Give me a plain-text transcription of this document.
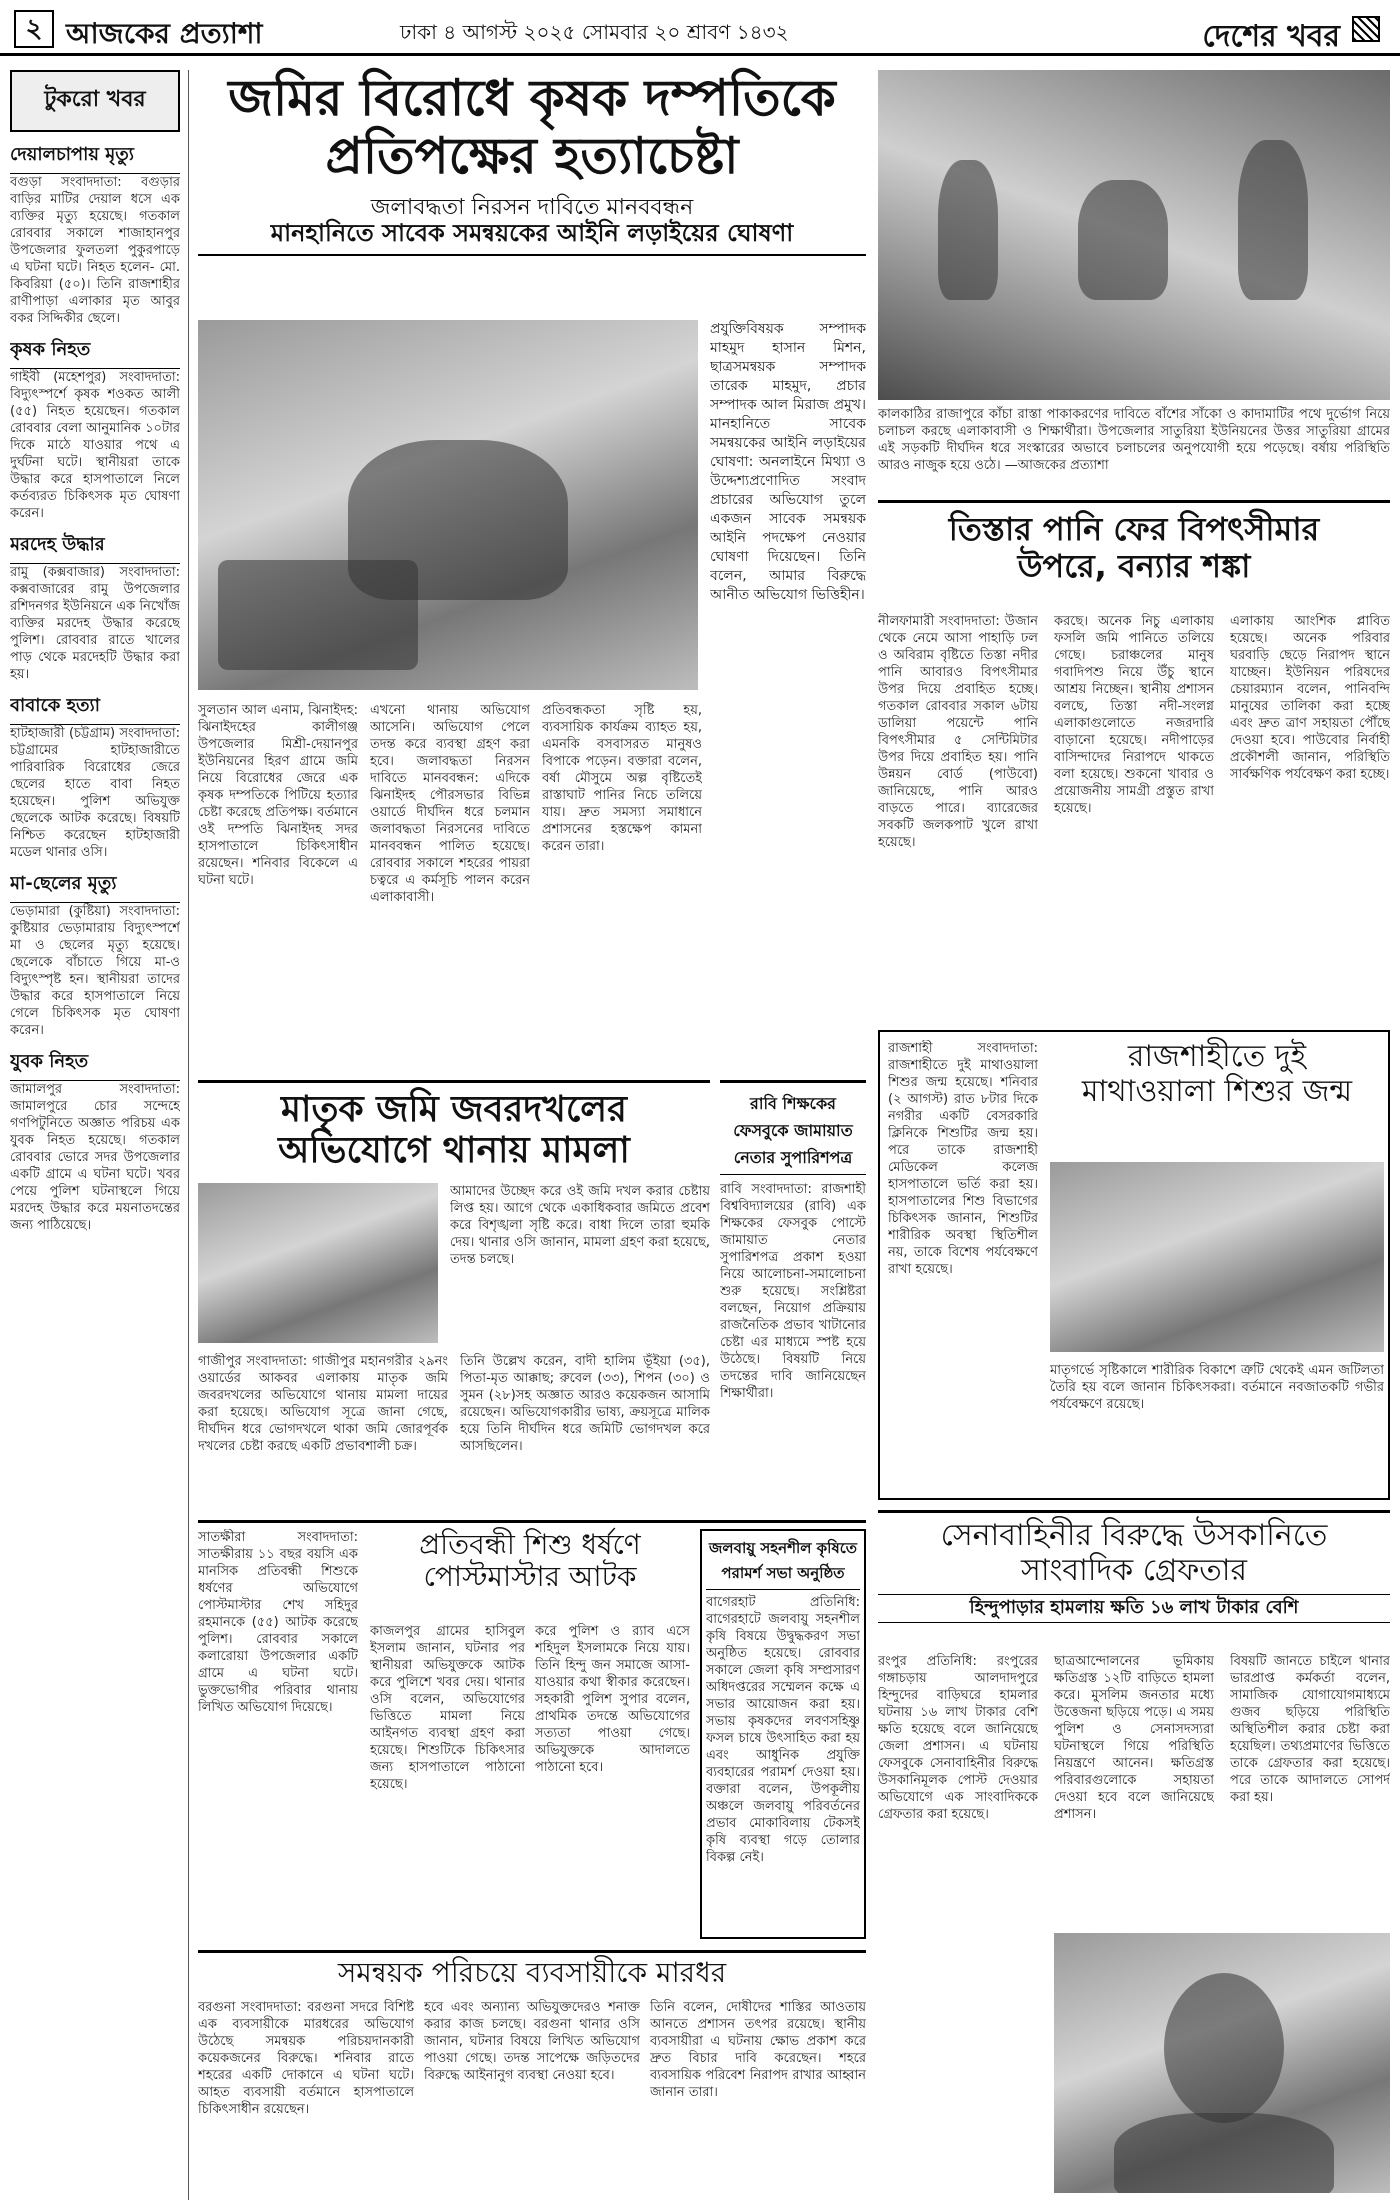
২ আজকের প্রত্যাশা	ঢাকা ৪ আগস্ট ২০২৫ সোমবার ২০ শ্রাবণ ১৪৩২	দেশের খবর
টুকরো খবর
দেয়ালচাপায় মৃত্যু
বগুড়া সংবাদদাতা: বগুড়ার বাড়ির মাটির দেয়াল ধসে এক ব্যক্তির মৃত্যু হয়েছে। গতকাল রোববার সকালে শাজাহানপুর উপজেলার ফুলতলা পুকুরপাড়ে এ ঘটনা ঘটে। নিহত হলেন- মো. কিবরিয়া (৫০)। তিনি রাজশাহীর রাণীপাড়া এলাকার মৃত আবুর বকর সিদ্দিকীর ছেলে।
কৃষক নিহত
গাইবী (মহেশপুর) সংবাদদাতা: বিদ্যুৎস্পর্শে কৃষক শওকত আলী (৫৫) নিহত হয়েছেন। গতকাল রোববার বেলা আনুমানিক ১০টার দিকে মাঠে যাওয়ার পথে এ দুর্ঘটনা ঘটে। স্থানীয়রা তাকে উদ্ধার করে হাসপাতালে নিলে কর্তব্যরত চিকিৎসক মৃত ঘোষণা করেন।
মরদেহ উদ্ধার
রামু (কক্সবাজার) সংবাদদাতা: কক্সবাজারের রামু উপজেলার রশিদনগর ইউনিয়নে এক নিখোঁজ ব্যক্তির মরদেহ উদ্ধার করেছে পুলিশ। রোববার রাতে খালের পাড় থেকে মরদেহটি উদ্ধার করা হয়।
বাবাকে হত্যা
হাটহাজারী (চট্টগ্রাম) সংবাদদাতা: চট্টগ্রামের হাটহাজারীতে পারিবারিক বিরোধের জেরে ছেলের হাতে বাবা নিহত হয়েছেন। পুলিশ অভিযুক্ত ছেলেকে আটক করেছে। বিষয়টি নিশ্চিত করেছেন হাটহাজারী মডেল থানার ওসি।
মা-ছেলের মৃত্যু
ভেড়ামারা (কুষ্টিয়া) সংবাদদাতা: কুষ্টিয়ার ভেড়ামারায় বিদ্যুৎস্পর্শে মা ও ছেলের মৃত্যু হয়েছে। ছেলেকে বাঁচাতে গিয়ে মা-ও বিদ্যুৎস্পৃষ্ট হন। স্থানীয়রা তাদের উদ্ধার করে হাসপাতালে নিয়ে গেলে চিকিৎসক মৃত ঘোষণা করেন।
যুবক নিহত
জামালপুর সংবাদদাতা: জামালপুরে চোর সন্দেহে গণপিটুনিতে অজ্ঞাত পরিচয় এক যুবক নিহত হয়েছে। গতকাল রোববার ভোরে সদর উপজেলার একটি গ্রামে এ ঘটনা ঘটে। খবর পেয়ে পুলিশ ঘটনাস্থলে গিয়ে মরদেহ উদ্ধার করে ময়নাতদন্তের জন্য পাঠিয়েছে।
জমির বিরোধে কৃষক দম্পতিকে
প্রতিপক্ষের হত্যাচেষ্টা
জলাবদ্ধতা নিরসন দাবিতে মানববন্ধন
মানহানিতে সাবেক সমন্বয়কের আইনি লড়াইয়ের ঘোষণা

প্রযুক্তিবিষয়ক সম্পাদক মাহমুদ হাসান মিশন, ছাত্রসমন্বয়ক সম্পাদক তারেক মাহমুদ, প্রচার সম্পাদক আল মিরাজ প্রমুখ। মানহানিতে সাবেক সমন্বয়কের আইনি লড়াইয়ের ঘোষণা: অনলাইনে মিথ্যা ও উদ্দেশ্যপ্রণোদিত সংবাদ প্রচারের অভিযোগ তুলে একজন সাবেক সমন্বয়ক আইনি পদক্ষেপ নেওয়ার ঘোষণা দিয়েছেন। তিনি বলেন, আমার বিরুদ্ধে আনীত অভিযোগ ভিত্তিহীন।

সুলতান আল এনাম, ঝিনাইদহ: ঝিনাইদহের কালীগঞ্জ উপজেলার মিশ্রী-দেয়ানপুর ইউনিয়নের হিরণ গ্রামে জমি নিয়ে বিরোধের জেরে এক কৃষক দম্পতিকে পিটিয়ে হত্যার চেষ্টা করেছে প্রতিপক্ষ। বর্তমানে ওই দম্পতি ঝিনাইদহ সদর হাসপাতালে চিকিৎসাধীন রয়েছেন। শনিবার বিকেলে এ ঘটনা ঘটে।

এখনো থানায় অভিযোগ আসেনি। অভিযোগ পেলে তদন্ত করে ব্যবস্থা গ্রহণ করা হবে। জলাবদ্ধতা নিরসন দাবিতে মানববন্ধন: এদিকে ঝিনাইদহ পৌরসভার বিভিন্ন ওয়ার্ডে দীর্ঘদিন ধরে চলমান জলাবদ্ধতা নিরসনের দাবিতে মানববন্ধন পালিত হয়েছে। রোববার সকালে শহরের পায়রা চত্বরে এ কর্মসূচি পালন করেন এলাকাবাসী।

প্রতিবন্ধকতা সৃষ্টি হয়, ব্যবসায়িক কার্যক্রম ব্যাহত হয়, এমনকি বসবাসরত মানুষও বিপাকে পড়েন। বক্তারা বলেন, বর্ষা মৌসুমে অল্প বৃষ্টিতেই রাস্তাঘাট পানির নিচে তলিয়ে যায়। দ্রুত সমস্যা সমাধানে প্রশাসনের হস্তক্ষেপ কামনা করেন তারা।

কালকাঠির রাজাপুরে কাঁচা রাস্তা পাকাকরণের দাবিতে বাঁশের সাঁকো ও কাদামাটির পথে দুর্ভোগ নিয়ে চলাচল করছে এলাকাবাসী ও শিক্ষার্থীরা। উপজেলার সাতুরিয়া ইউনিয়নের উত্তর সাতুরিয়া গ্রামের এই সড়কটি দীর্ঘদিন ধরে সংস্কারের অভাবে চলাচলের অনুপযোগী হয়ে পড়েছে। বর্ষায় পরিস্থিতি আরও নাজুক হয়ে ওঠে। —আজকের প্রত্যাশা
তিস্তার পানি ফের বিপৎসীমার
উপরে, বন্যার শঙ্কা

নীলফামারী সংবাদদাতা: উজান থেকে নেমে আসা পাহাড়ি ঢল ও অবিরাম বৃষ্টিতে তিস্তা নদীর পানি আবারও বিপৎসীমার উপর দিয়ে প্রবাহিত হচ্ছে। গতকাল রোববার সকাল ৬টায় ডালিয়া পয়েন্টে পানি বিপৎসীমার ৫ সেন্টিমিটার উপর দিয়ে প্রবাহিত হয়। পানি উন্নয়ন বোর্ড (পাউবো) জানিয়েছে, পানি আরও বাড়তে পারে। ব্যারেজের সবকটি জলকপাট খুলে রাখা হয়েছে।

করছে। অনেক নিচু এলাকায় ফসলি জমি পানিতে তলিয়ে গেছে। চরাঞ্চলের মানুষ গবাদিপশু নিয়ে উঁচু স্থানে আশ্রয় নিচ্ছেন। স্থানীয় প্রশাসন বলছে, তিস্তা নদী-সংলগ্ন এলাকাগুলোতে নজরদারি বাড়ানো হয়েছে। নদীপাড়ের বাসিন্দাদের নিরাপদে থাকতে বলা হয়েছে। শুকনো খাবার ও প্রয়োজনীয় সামগ্রী প্রস্তুত রাখা হয়েছে।

এলাকায় আংশিক প্লাবিত হয়েছে। অনেক পরিবার ঘরবাড়ি ছেড়ে নিরাপদ স্থানে যাচ্ছেন। ইউনিয়ন পরিষদের চেয়ারম্যান বলেন, পানিবন্দি মানুষের তালিকা করা হচ্ছে এবং দ্রুত ত্রাণ সহায়তা পৌঁছে দেওয়া হবে। পাউবোর নির্বাহী প্রকৌশলী জানান, পরিস্থিতি সার্বক্ষণিক পর্যবেক্ষণ করা হচ্ছে।

মাতৃক জমি জবরদখলের
অভিযোগে থানায় মামলা

আমাদের উচ্ছেদ করে ওই জমি দখল করার চেষ্টায় লিপ্ত হয়। আগে থেকে একাধিকবার জমিতে প্রবেশ করে বিশৃঙ্খলা সৃষ্টি করে। বাধা দিলে তারা হুমকি দেয়। থানার ওসি জানান, মামলা গ্রহণ করা হয়েছে, তদন্ত চলছে।

গাজীপুর সংবাদদাতা: গাজীপুর মহানগরীর ২৯নং ওয়ার্ডের আকবর এলাকায় মাতৃক জমি জবরদখলের অভিযোগে থানায় মামলা দায়ের করা হয়েছে। অভিযোগ সূত্রে জানা গেছে, দীর্ঘদিন ধরে ভোগদখলে থাকা জমি জোরপূর্বক দখলের চেষ্টা করছে একটি প্রভাবশালী চক্র।

তিনি উল্লেখ করেন, বাদী হালিম ভূঁইয়া (৩৫), পিতা-মৃত আক্কাছ; রুবেল (৩৩), শিপন (৩০) ও সুমন (২৮)সহ অজ্ঞাত আরও কয়েকজন আসামি রয়েছেন। অভিযোগকারীর ভাষ্য, ক্রয়সূত্রে মালিক হয়ে তিনি দীর্ঘদিন ধরে জমিটি ভোগদখল করে আসছিলেন।

রাবি শিক্ষকের ফেসবুকে জামায়াত নেতার সুপারিশপত্র
রাবি সংবাদদাতা: রাজশাহী বিশ্ববিদ্যালয়ের (রাবি) এক শিক্ষকের ফেসবুক পোস্টে জামায়াত নেতার সুপারিশপত্র প্রকাশ হওয়া নিয়ে আলোচনা-সমালোচনা শুরু হয়েছে। সংশ্লিষ্টরা বলছেন, নিয়োগ প্রক্রিয়ায় রাজনৈতিক প্রভাব খাটানোর চেষ্টা এর মাধ্যমে স্পষ্ট হয়ে উঠেছে। বিষয়টি নিয়ে তদন্তের দাবি জানিয়েছেন শিক্ষার্থীরা।
রাজশাহী সংবাদদাতা: রাজশাহীতে দুই মাথাওয়ালা শিশুর জন্ম হয়েছে। শনিবার (২ আগস্ট) রাত ৮টার দিকে নগরীর একটি বেসরকারি ক্লিনিকে শিশুটির জন্ম হয়। পরে তাকে রাজশাহী মেডিকেল কলেজ হাসপাতালে ভর্তি করা হয়। হাসপাতালের শিশু বিভাগের চিকিৎসক জানান, শিশুটির শারীরিক অবস্থা স্থিতিশীল নয়, তাকে বিশেষ পর্যবেক্ষণে রাখা হয়েছে।
রাজশাহীতে দুই
মাথাওয়ালা শিশুর জন্ম
মাতৃগর্ভে সৃষ্টিকালে শারীরিক বিকাশে ত্রুটি থেকেই এমন জটিলতা তৈরি হয় বলে জানান চিকিৎসকরা। বর্তমানে নবজাতকটি গভীর পর্যবেক্ষণে রয়েছে।
সেনাবাহিনীর বিরুদ্ধে উসকানিতে
সাংবাদিক গ্রেফতার
হিন্দুপাড়ার হামলায় ক্ষতি ১৬ লাখ টাকার বেশি

রংপুর প্রতিনিধি: রংপুরের গঙ্গাচড়ায় আলদাদপুরে হিন্দুদের বাড়িঘরে হামলার ঘটনায় ১৬ লাখ টাকার বেশি ক্ষতি হয়েছে বলে জানিয়েছে জেলা প্রশাসন। এ ঘটনায় ফেসবুকে সেনাবাহিনীর বিরুদ্ধে উসকানিমূলক পোস্ট দেওয়ার অভিযোগে এক সাংবাদিককে গ্রেফতার করা হয়েছে।

ছাত্রআন্দোলনের ভূমিকায় ক্ষতিগ্রস্ত ১২টি বাড়িতে হামলা করে। মুসলিম জনতার মধ্যে উত্তেজনা ছড়িয়ে পড়ে। এ সময় পুলিশ ও সেনাসদস্যরা ঘটনাস্থলে গিয়ে পরিস্থিতি নিয়ন্ত্রণে আনেন। ক্ষতিগ্রস্ত পরিবারগুলোকে সহায়তা দেওয়া হবে বলে জানিয়েছে প্রশাসন।

বিষয়টি জানতে চাইলে থানার ভারপ্রাপ্ত কর্মকর্তা বলেন, সামাজিক যোগাযোগমাধ্যমে গুজব ছড়িয়ে পরিস্থিতি অস্থিতিশীল করার চেষ্টা করা হয়েছিল। তথ্যপ্রমাণের ভিত্তিতে তাকে গ্রেফতার করা হয়েছে। পরে তাকে আদালতে সোপর্দ করা হয়।

সাতক্ষীরা সংবাদদাতা: সাতক্ষীরায় ১১ বছর বয়সি এক মানসিক প্রতিবন্ধী শিশুকে ধর্ষণের অভিযোগে পোস্টমাস্টার শেখ সহিদুর রহমানকে (৫৫) আটক করেছে পুলিশ। রোববার সকালে কলারোয়া উপজেলার একটি গ্রামে এ ঘটনা ঘটে। ভুক্তভোগীর পরিবার থানায় লিখিত অভিযোগ দিয়েছে।

প্রতিবন্ধী শিশু ধর্ষণে
পোস্টমাস্টার আটক

কাজলপুর গ্রামের হাসিবুল ইসলাম জানান, ঘটনার পর স্থানীয়রা অভিযুক্তকে আটক করে পুলিশে খবর দেয়। থানার ওসি বলেন, অভিযোগের ভিত্তিতে মামলা নিয়ে আইনগত ব্যবস্থা গ্রহণ করা হয়েছে। শিশুটিকে চিকিৎসার জন্য হাসপাতালে পাঠানো হয়েছে।

করে পুলিশ ও র‍্যাব এসে শহিদুল ইসলামকে নিয়ে যায়। তিনি হিন্দু জন সমাজে আসা-যাওয়ার কথা স্বীকার করেছেন। সহকারী পুলিশ সুপার বলেন, প্রাথমিক তদন্তে অভিযোগের সত্যতা পাওয়া গেছে। অভিযুক্তকে আদালতে পাঠানো হবে।

জলবায়ু সহনশীল কৃষিতে পরামর্শ সভা অনুষ্ঠিত
বাগেরহাট প্রতিনিধি: বাগেরহাটে জলবায়ু সহনশীল কৃষি বিষয়ে উদ্বুদ্ধকরণ সভা অনুষ্ঠিত হয়েছে। রোববার সকালে জেলা কৃষি সম্প্রসারণ অধিদপ্তরের সম্মেলন কক্ষে এ সভার আয়োজন করা হয়। সভায় কৃষকদের লবণসহিষ্ণু ফসল চাষে উৎসাহিত করা হয় এবং আধুনিক প্রযুক্তি ব্যবহারের পরামর্শ দেওয়া হয়। বক্তারা বলেন, উপকূলীয় অঞ্চলে জলবায়ু পরিবর্তনের প্রভাব মোকাবিলায় টেকসই কৃষি ব্যবস্থা গড়ে তোলার বিকল্প নেই।
সমন্বয়ক পরিচয়ে ব্যবসায়ীকে মারধর

বরগুনা সংবাদদাতা: বরগুনা সদরে বিশিষ্ট এক ব্যবসায়ীকে মারধরের অভিযোগ উঠেছে সমন্বয়ক পরিচয়দানকারী কয়েকজনের বিরুদ্ধে। শনিবার রাতে শহরের একটি দোকানে এ ঘটনা ঘটে। আহত ব্যবসায়ী বর্তমানে হাসপাতালে চিকিৎসাধীন রয়েছেন।

হবে এবং অন্যান্য অভিযুক্তদেরও শনাক্ত করার কাজ চলছে। বরগুনা থানার ওসি জানান, ঘটনার বিষয়ে লিখিত অভিযোগ পাওয়া গেছে। তদন্ত সাপেক্ষে জড়িতদের বিরুদ্ধে আইনানুগ ব্যবস্থা নেওয়া হবে।

তিনি বলেন, দোষীদের শাস্তির আওতায় আনতে প্রশাসন তৎপর রয়েছে। স্থানীয় ব্যবসায়ীরা এ ঘটনায় ক্ষোভ প্রকাশ করে দ্রুত বিচার দাবি করেছেন। শহরে ব্যবসায়িক পরিবেশ নিরাপদ রাখার আহ্বান জানান তারা।
